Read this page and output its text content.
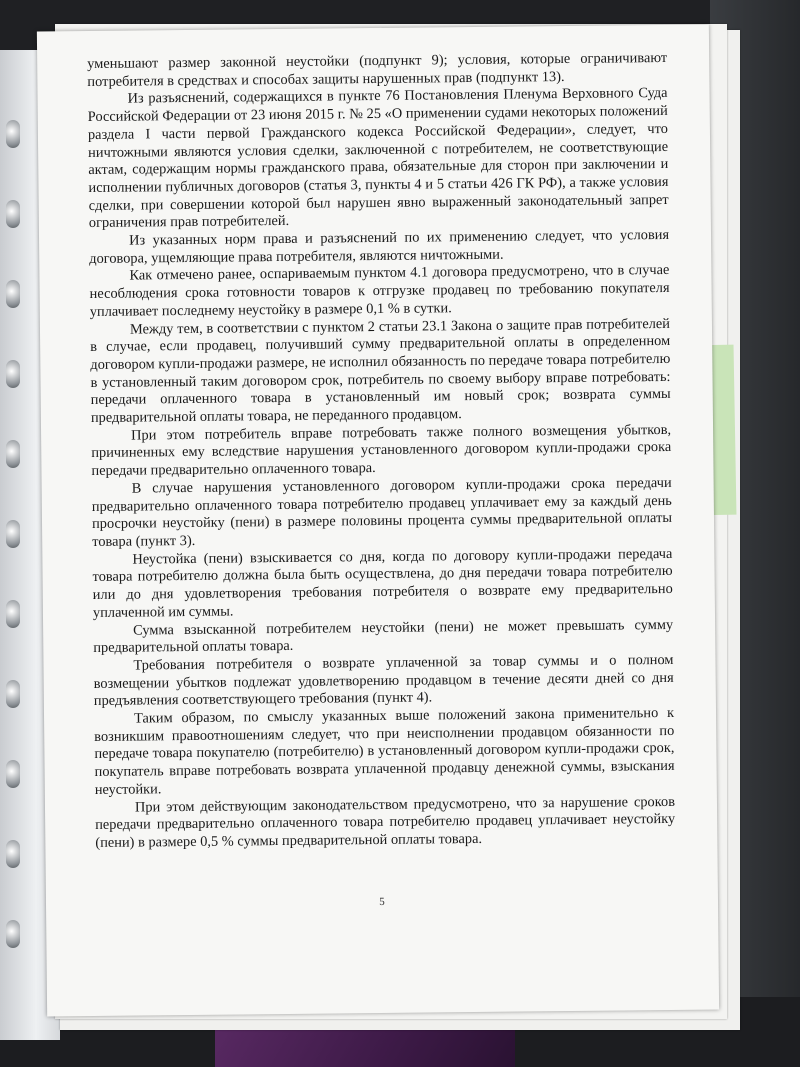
уменьшают размер законной неустойки (подпункт 9); условия, которые ограничивают потребителя в средствах и способах защиты нарушенных прав (подпункт 13).

Из разъяснений, содержащихся в пункте 76 Постановления Пленума Верховного Суда Российской Федерации от 23 июня 2015 г. № 25 «О применении судами некоторых положений раздела I части первой Гражданского кодекса Российской Федерации», следует, что ничтожными являются условия сделки, заключенной с потребителем, не соответствующие актам, содержащим нормы гражданского права, обязательные для сторон при заключении и исполнении публичных договоров (статья 3, пункты 4 и 5 статьи 426 ГК РФ), а также условия сделки, при совершении которой был нарушен явно выраженный законодательный запрет ограничения прав потребителей.

Из указанных норм права и разъяснений по их применению следует, что условия договора, ущемляющие права потребителя, являются ничтожными.

Как отмечено ранее, оспариваемым пунктом 4.1 договора предусмотрено, что в случае несоблюдения срока готовности товаров к отгрузке продавец по требованию покупателя уплачивает последнему неустойку в размере 0,1 % в сутки.

Между тем, в соответствии с пунктом 2 статьи 23.1 Закона о защите прав потребителей в случае, если продавец, получивший сумму предварительной оплаты в определенном договором купли-продажи размере, не исполнил обязанность по передаче товара потребителю в установленный таким договором срок, потребитель по своему выбору вправе потребовать: передачи оплаченного товара в установленный им новый срок; возврата суммы предварительной оплаты товара, не переданного продавцом.

При этом потребитель вправе потребовать также полного возмещения убытков, причиненных ему вследствие нарушения установленного договором купли-продажи срока передачи предварительно оплаченного товара.

В случае нарушения установленного договором купли-продажи срока передачи предварительно оплаченного товара потребителю продавец уплачивает ему за каждый день просрочки неустойку (пени) в размере половины процента суммы предварительной оплаты товара (пункт 3).

Неустойка (пени) взыскивается со дня, когда по договору купли-продажи передача товара потребителю должна была быть осуществлена, до дня передачи товара потребителю или до дня удовлетворения требования потребителя о возврате ему предварительно уплаченной им суммы.

Сумма взысканной потребителем неустойки (пени) не может превышать сумму предварительной оплаты товара.

Требования потребителя о возврате уплаченной за товар суммы и о полном возмещении убытков подлежат удовлетворению продавцом в течение десяти дней со дня предъявления соответствующего требования (пункт 4).

Таким образом, по смыслу указанных выше положений закона применительно к возникшим правоотношениям следует, что при неисполнении продавцом обязанности по передаче товара покупателю (потребителю) в установленный договором купли-продажи срок, покупатель вправе потребовать возврата уплаченной продавцу денежной суммы, взыскания неустойки.

При этом действующим законодательством предусмотрено, что за нарушение сроков передачи предварительно оплаченного товара потребителю продавец уплачивает неустойку (пени) в размере 0,5 % суммы предварительной оплаты товара.

5
